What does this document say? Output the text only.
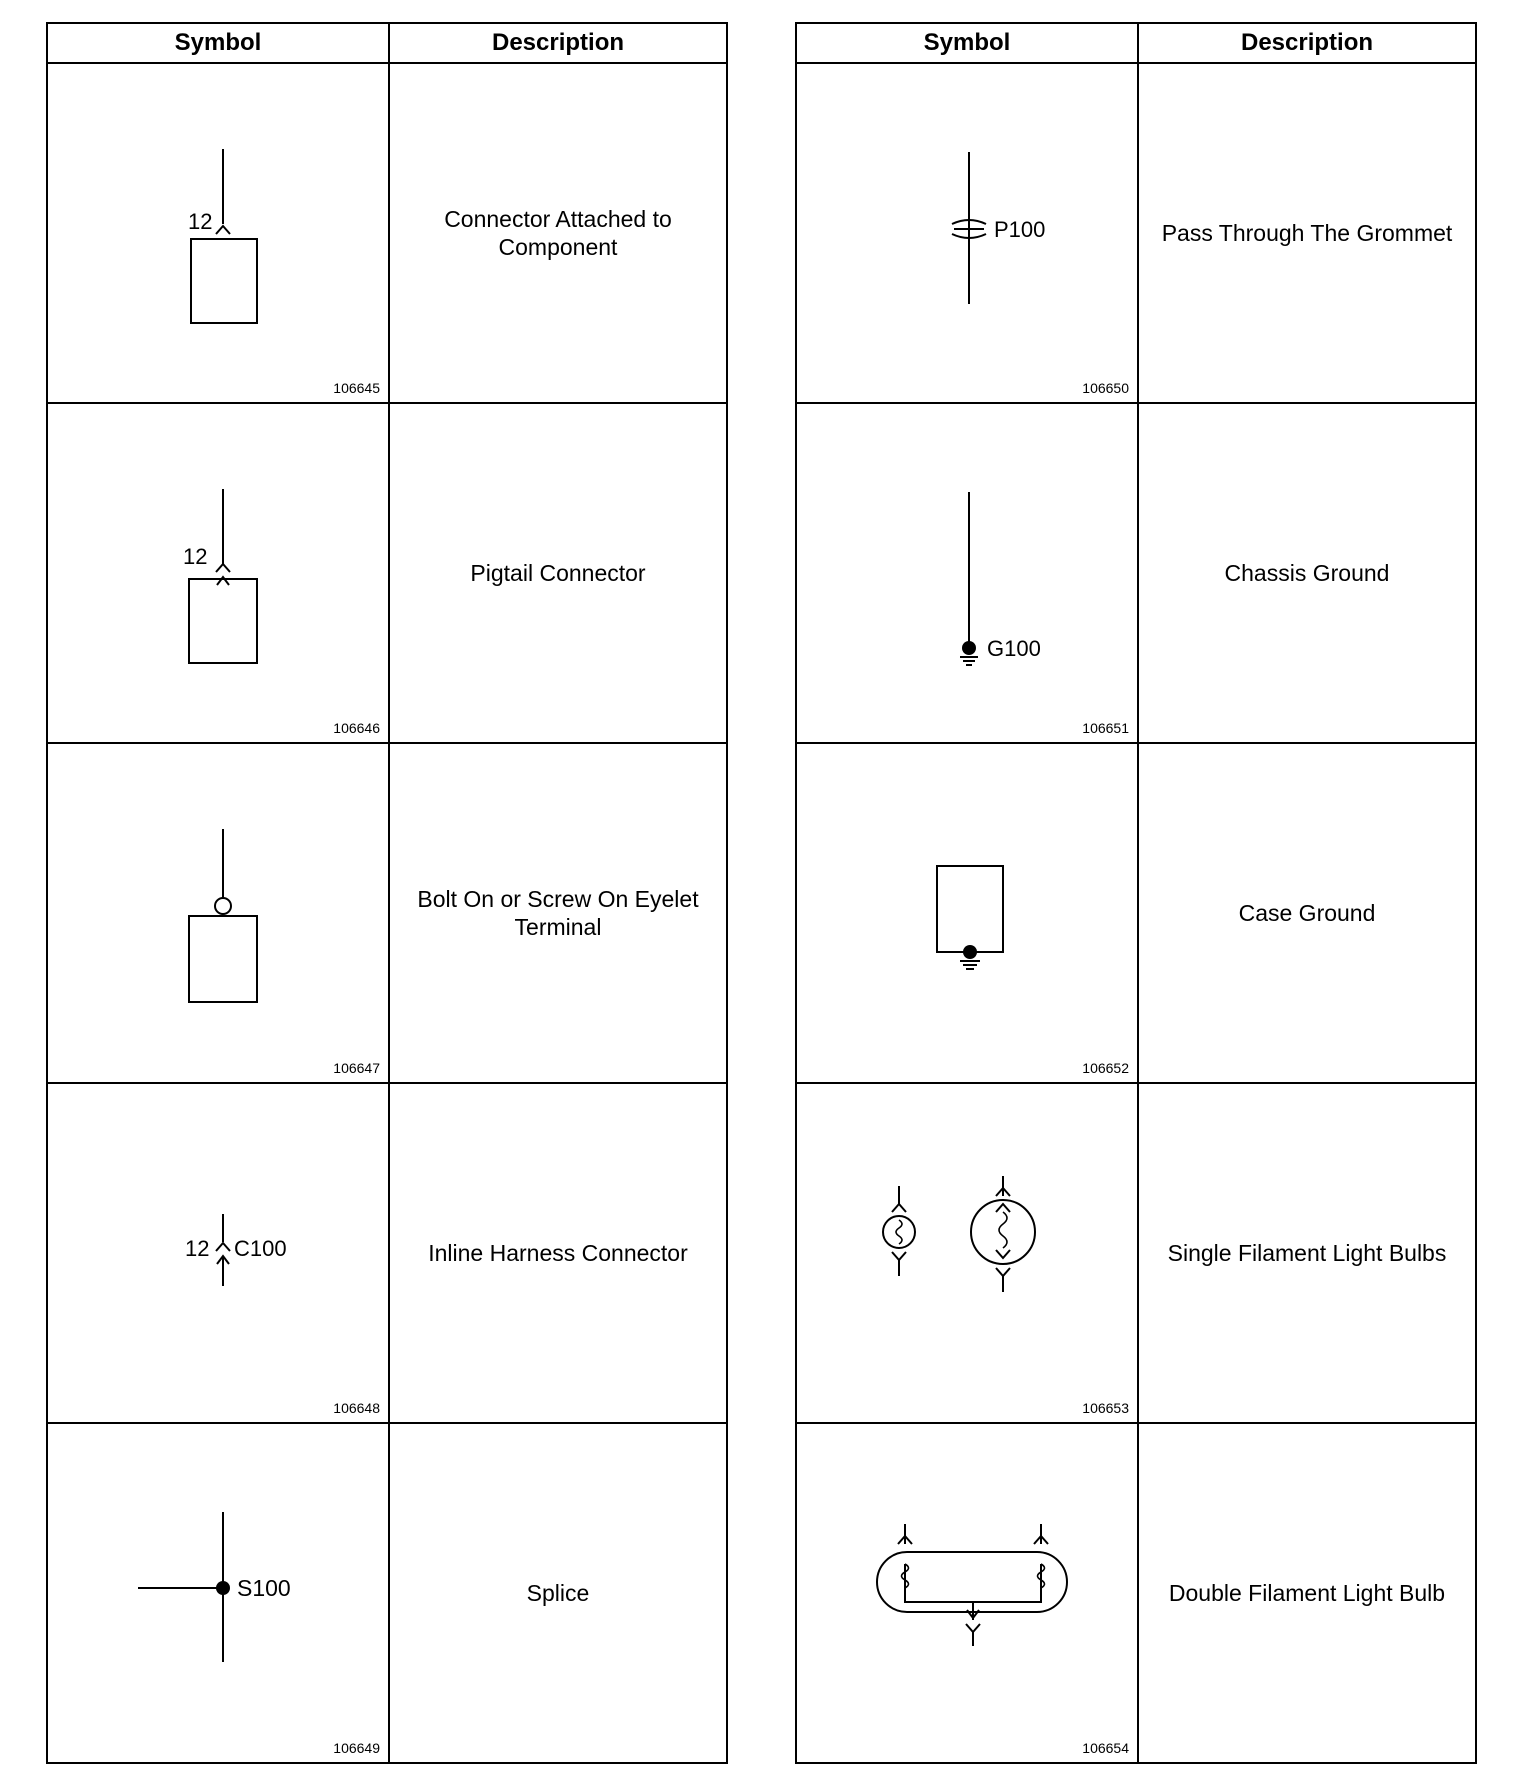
Symbol	Description

12
106645	Connector Attached to Component

12
106646	Pigtail Connector

106647	Bolt On or Screw On Eyelet Terminal

12 C100
106648	Inline Harness Connector

S100
106649	Splice
Symbol	Description

P100
106650	Pass Through The Grommet

G100
106651	Chassis Ground

106652	Case Ground

106653	Single Filament Light Bulbs

106654	Double Filament Light Bulb
